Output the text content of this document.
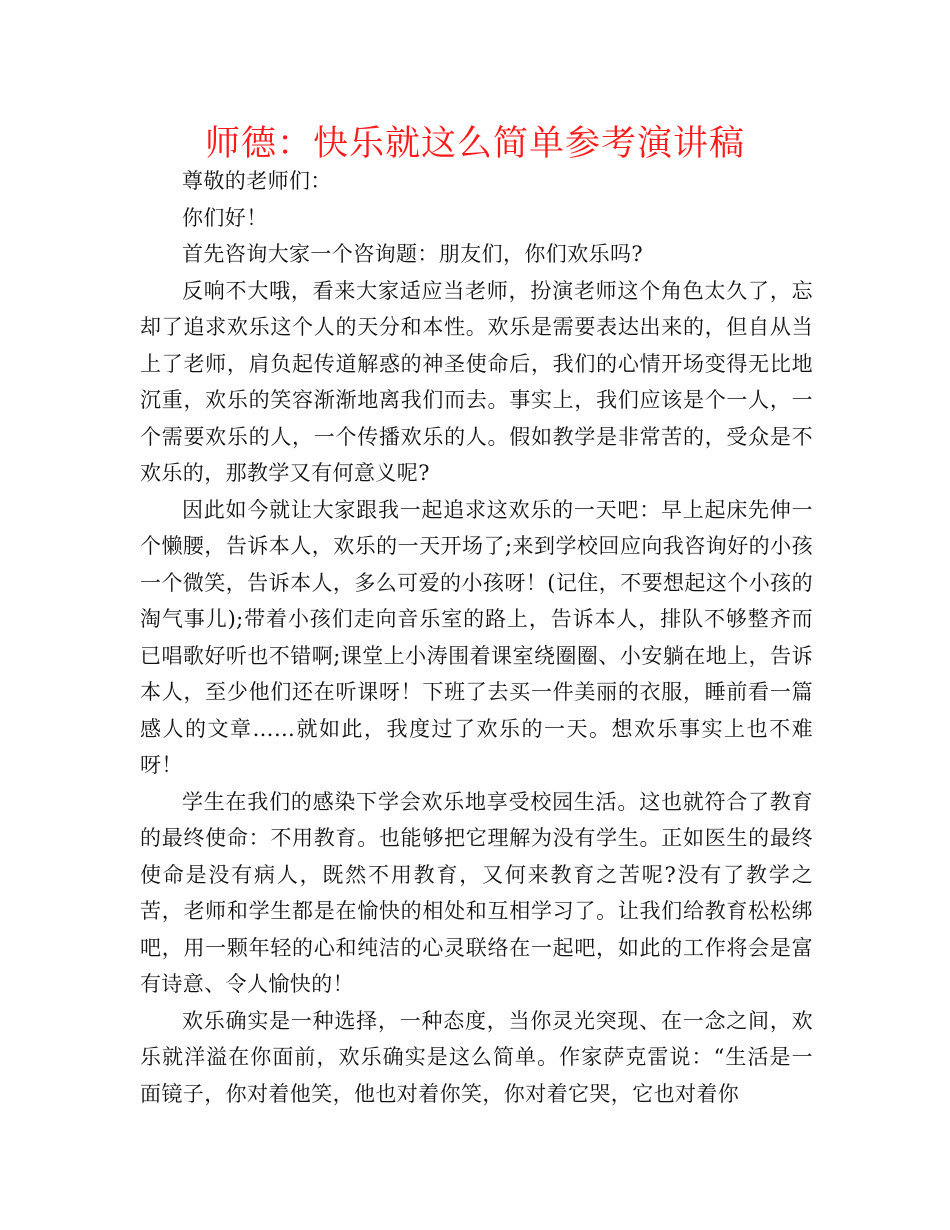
师德：快乐就这么简单参考演讲稿

尊敬的老师们：

你们好！

首先咨询大家一个咨询题：朋友们，你们欢乐吗?

反响不大哦，看来大家适应当老师，扮演老师这个角色太久了，忘却了追求欢乐这个人的天分和本性。欢乐是需要表达出来的，但自从当上了老师，肩负起传道解惑的神圣使命后，我们的心情开场变得无比地沉重，欢乐的笑容渐渐地离我们而去。事实上，我们应该是个一人，一个需要欢乐的人，一个传播欢乐的人。假如教学是非常苦的，受众是不欢乐的，那教学又有何意义呢?

因此如今就让大家跟我一起追求这欢乐的一天吧：早上起床先伸一个懒腰，告诉本人，欢乐的一天开场了;来到学校回应向我咨询好的小孩一个微笑，告诉本人，多么可爱的小孩呀！(记住，不要想起这个小孩的淘气事儿);带着小孩们走向音乐室的路上，告诉本人，排队不够整齐而已唱歌好听也不错啊;课堂上小涛围着课室绕圈圈、小安躺在地上，告诉本人，至少他们还在听课呀！下班了去买一件美丽的衣服，睡前看一篇感人的文章……就如此，我度过了欢乐的一天。想欢乐事实上也不难呀！

学生在我们的感染下学会欢乐地享受校园生活。这也就符合了教育的最终使命：不用教育。也能够把它理解为没有学生。正如医生的最终使命是没有病人，既然不用教育，又何来教育之苦呢?没有了教学之苦，老师和学生都是在愉快的相处和互相学习了。让我们给教育松松绑吧，用一颗年轻的心和纯洁的心灵联络在一起吧，如此的工作将会是富有诗意、令人愉快的！

欢乐确实是一种选择，一种态度，当你灵光突现、在一念之间，欢乐就洋溢在你面前，欢乐确实是这么简单。作家萨克雷说：“生活是一面镜子，你对着他笑，他也对着你笑，你对着它哭，它也对着你
